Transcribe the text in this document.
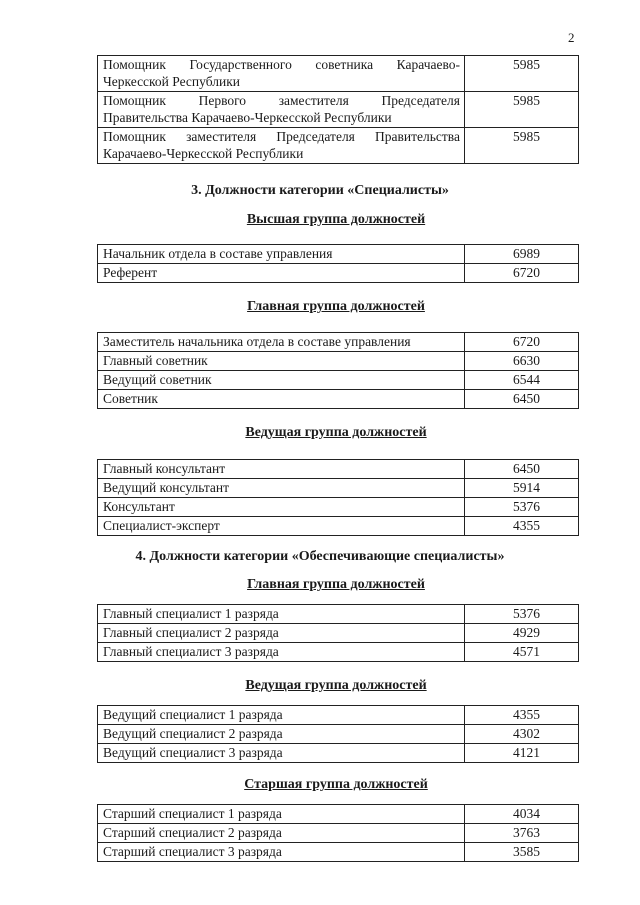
2
Помощник Государственного советника Карачаево-Черкесской Республики	5985
Помощник Первого заместителя Председателя Правительства Карачаево-Черкесской Республики	5985
Помощник заместителя Председателя Правительства Карачаево-Черкесской Республики	5985
3. Должности категории «Специалисты»
Высшая группа должностей
Начальник отдела в составе управления	6989
Референт	6720
Главная группа должностей
Заместитель начальника отдела в составе управления	6720
Главный советник	6630
Ведущий советник	6544
Советник	6450
Ведущая группа должностей
Главный консультант	6450
Ведущий консультант	5914
Консультант	5376
Специалист-эксперт	4355
4. Должности категории «Обеспечивающие специалисты»
Главная группа должностей
Главный специалист 1 разряда	5376
Главный специалист 2 разряда	4929
Главный специалист 3 разряда	4571
Ведущая группа должностей
Ведущий специалист 1 разряда	4355
Ведущий специалист 2 разряда	4302
Ведущий специалист 3 разряда	4121
Старшая группа должностей
Старший специалист 1 разряда	4034
Старший специалист 2 разряда	3763
Старший специалист 3 разряда	3585
